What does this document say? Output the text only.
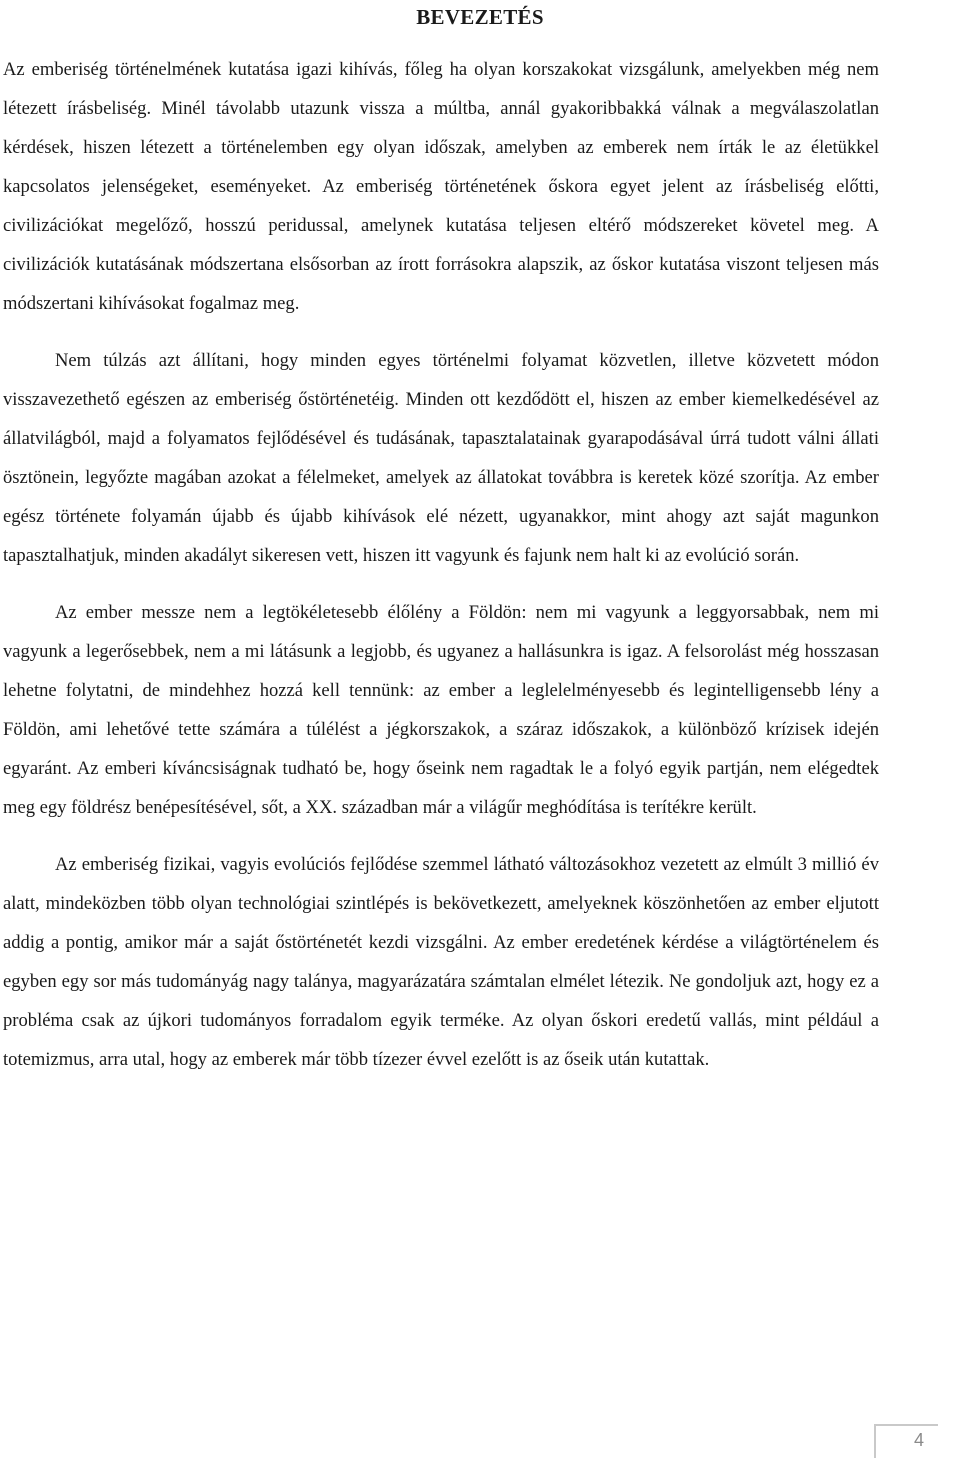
BEVEZETÉS

Az emberiség történelmének kutatása igazi kihívás, főleg ha olyan korszakokat vizsgálunk, amelyekben még nem létezett írásbeliség. Minél távolabb utazunk vissza a múltba, annál gyakoribbakká válnak a megválaszolatlan kérdések, hiszen létezett a történelemben egy olyan időszak, amelyben az emberek nem írták le az életükkel kapcsolatos jelenségeket, eseményeket. Az emberiség történetének őskora egyet jelent az írásbeliség előtti, civilizációkat megelőző, hosszú peridussal, amelynek kutatása teljesen eltérő módszereket követel meg. A civilizációk kutatásának módszertana elsősorban az írott forrásokra alapszik, az őskor kutatása viszont teljesen más módszertani kihívásokat fogalmaz meg.

Nem túlzás azt állítani, hogy minden egyes történelmi folyamat közvetlen, illetve közvetett módon visszavezethető egészen az emberiség őstörténetéig. Minden ott kezdődött el, hiszen az ember kiemelkedésével az állatvilágból, majd a folyamatos fejlődésével és tudásának, tapasztalatainak gyarapodásával úrrá tudott válni állati ösztönein, legyőzte magában azokat a félelmeket, amelyek az állatokat továbbra is keretek közé szorítja. Az ember egész története folyamán újabb és újabb kihívások elé nézett, ugyanakkor, mint ahogy azt saját magunkon tapasztalhatjuk, minden akadályt sikeresen vett, hiszen itt vagyunk és fajunk nem halt ki az evolúció során.

Az ember messze nem a legtökéletesebb élőlény a Földön: nem mi vagyunk a leggyorsabbak, nem mi vagyunk a legerősebbek, nem a mi látásunk a legjobb, és ugyanez a hallásunkra is igaz. A felsorolást még hosszasan lehetne folytatni, de mindehhez hozzá kell tennünk: az ember a leglelelményesebb és legintelligensebb lény a Földön, ami lehetővé tette számára a túlélést a jégkorszakok, a száraz időszakok, a különböző krízisek idején egyaránt. Az emberi kíváncsiságnak tudható be, hogy őseink nem ragadtak le a folyó egyik partján, nem elégedtek meg egy földrész benépesítésével, sőt, a XX. században már a világűr meghódítása is terítékre került.

Az emberiség fizikai, vagyis evolúciós fejlődése szemmel látható változásokhoz vezetett az elmúlt 3 millió év alatt, mindeközben több olyan technológiai szintlépés is bekövetkezett, amelyeknek köszönhetően az ember eljutott addig a pontig, amikor már a saját őstörténetét kezdi vizsgálni. Az ember eredetének kérdése a világtörténelem és egyben egy sor más tudományág nagy talánya, magyarázatára számtalan elmélet létezik. Ne gondoljuk azt, hogy ez a probléma csak az újkori tudományos forradalom egyik terméke. Az olyan őskori eredetű vallás, mint például a totemizmus, arra utal, hogy az emberek már több tízezer évvel ezelőtt is az őseik után kutattak.

4
